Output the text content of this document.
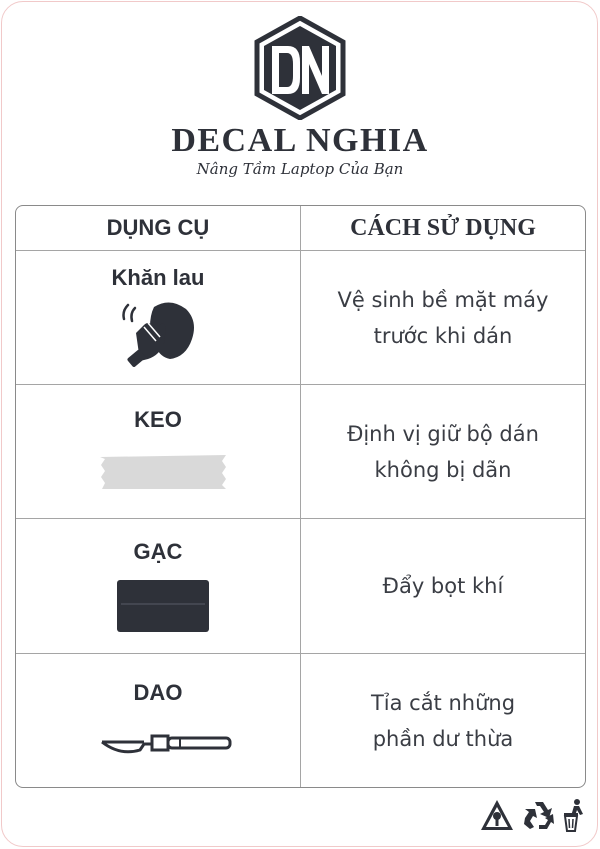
DECAL NGHIA
Nâng Tầm Laptop Của Bạn
DỤNG CỤ	CÁCH SỬ DỤNG
Khăn lau
Vệ sinh bề mặt máy
trước khi dán
KEO
Định vị giữ bộ dán
không bị dãn
GẠC
Đẩy bọt khí
DAO	Tỉa cắt những
phần dư thừa
